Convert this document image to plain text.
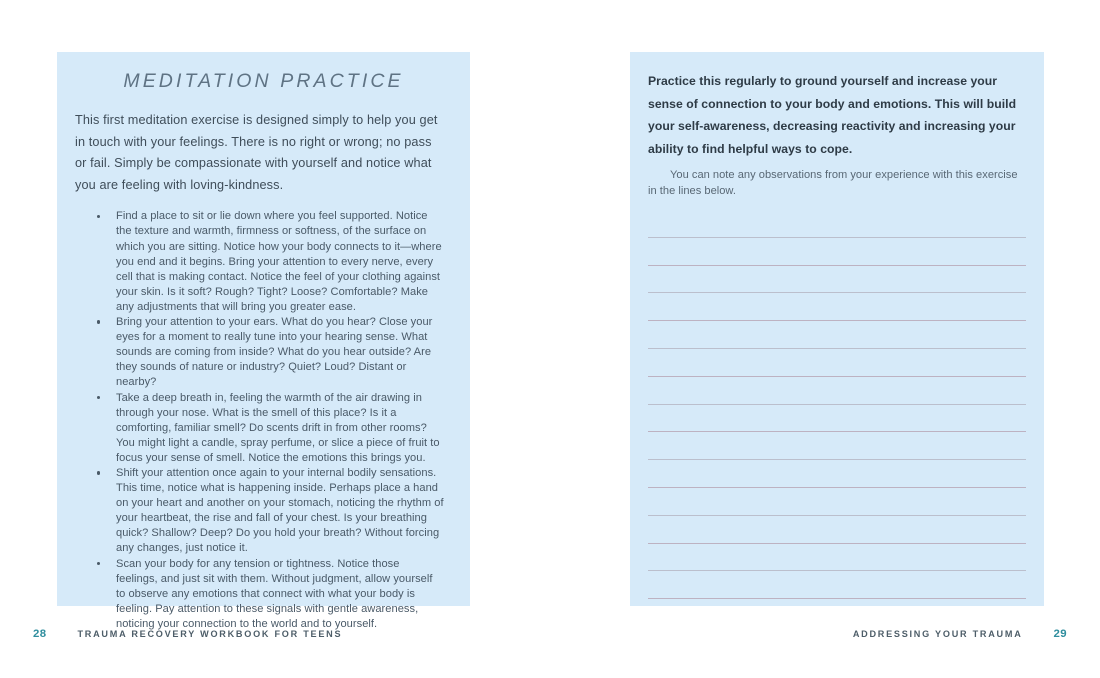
MEDITATION PRACTICE

This first meditation exercise is designed simply to help you get in touch with your feelings. There is no right or wrong; no pass or fail. Simply be compassionate with yourself and notice what you are feeling with loving-kindness.

Find a place to sit or lie down where you feel supported. Notice the texture and warmth, firmness or softness, of the surface on which you are sitting. Notice how your body connects to it—where you end and it begins. Bring your attention to every nerve, every cell that is making contact. Notice the feel of your clothing against your skin. Is it soft? Rough? Tight? Loose? Comfortable? Make any adjustments that will bring you greater ease.
Bring your attention to your ears. What do you hear? Close your eyes for a moment to really tune into your hearing sense. What sounds are coming from inside? What do you hear outside? Are they sounds of nature or industry? Quiet? Loud? Distant or nearby?
Take a deep breath in, feeling the warmth of the air drawing in through your nose. What is the smell of this place? Is it a comforting, familiar smell? Do scents drift in from other rooms? You might light a candle, spray perfume, or slice a piece of fruit to focus your sense of smell. Notice the emotions this brings you.
Shift your attention once again to your internal bodily sensations. This time, notice what is happening inside. Perhaps place a hand on your heart and another on your stomach, noticing the rhythm of your heartbeat, the rise and fall of your chest. Is your breathing quick? Shallow? Deep? Do you hold your breath? Without forcing any changes, just notice it.
Scan your body for any tension or tightness. Notice those feelings, and just sit with them. Without judgment, allow yourself to observe any emotions that connect with what your body is feeling. Pay attention to these signals with gentle awareness, noticing your connection to the world and to yourself.

Practice this regularly to ground yourself and increase your sense of connection to your body and emotions. This will build your self-awareness, decreasing reactivity and increasing your ability to find helpful ways to cope.

You can note any observations from your experience with this exercise in the lines below.

28	TRAUMA RECOVERY WORKBOOK FOR TEENS	ADDRESSING YOUR TRAUMA	29
